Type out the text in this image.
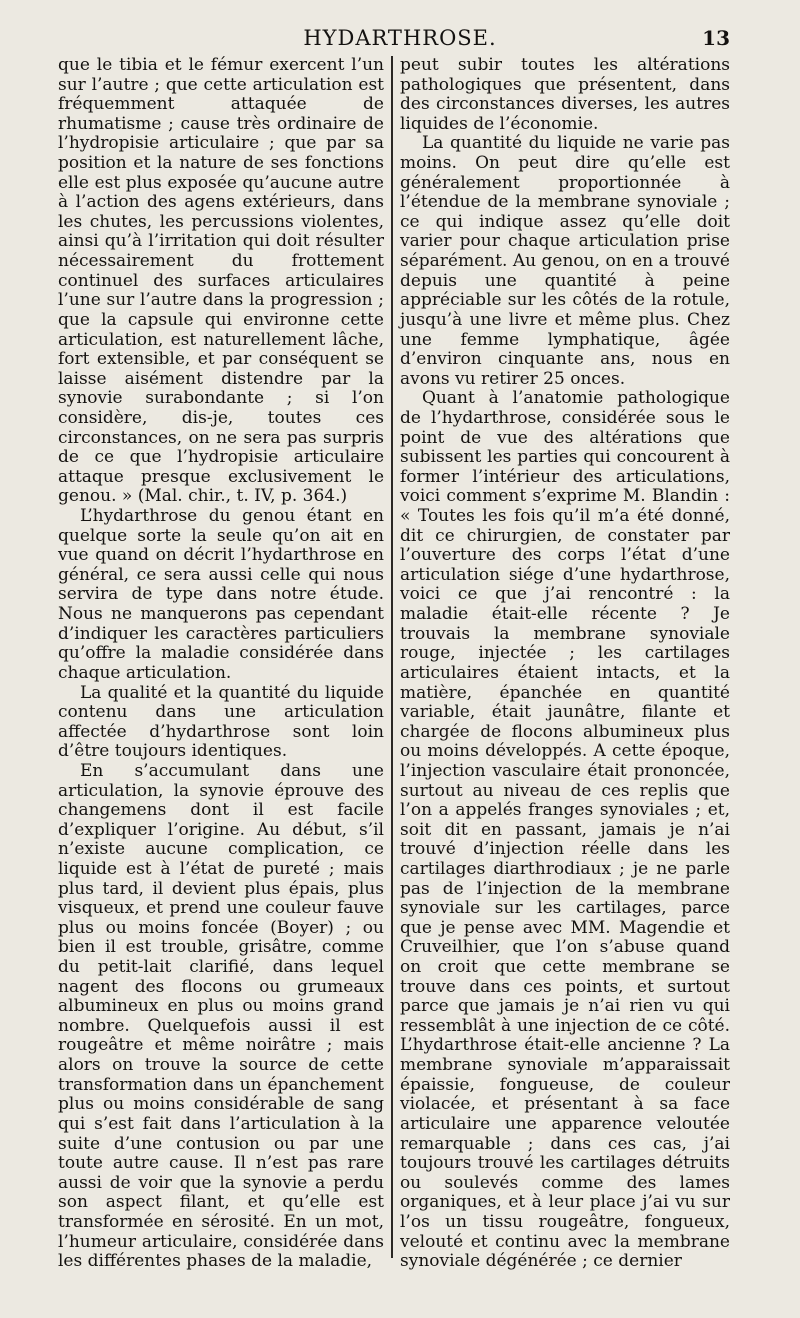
HYDARTHROSE.	13

que le tibia et le fémur exercent l’un sur l’autre ; que cette articulation est fréquemment attaquée de rhumatisme ; cause très ordinaire de l’hydropisie articulaire ; que par sa position et la nature de ses fonctions elle est plus exposée qu’aucune autre à l’action des agens extérieurs, dans les chutes, les percussions violentes, ainsi qu’à l’irritation qui doit résulter nécessairement du frottement continuel des surfaces articulaires l’une sur l’autre dans la progression ; que la capsule qui environne cette articulation, est naturellement lâche, fort extensible, et par conséquent se laisse aisément distendre par la synovie surabondante ; si l’on considère, dis-je, toutes ces circonstances, on ne sera pas surpris de ce que l’hydropisie articulaire attaque presque exclusivement le genou. » (Mal. chir., t. IV, p. 364.)

L’hydarthrose du genou étant en quelque sorte la seule qu’on ait en vue quand on décrit l’hydarthrose en général, ce sera aussi celle qui nous servira de type dans notre étude. Nous ne manquerons pas cependant d’indiquer les caractères particuliers qu’offre la maladie considérée dans chaque articulation.

La qualité et la quantité du liquide contenu dans une articulation affectée d’hydarthrose sont loin d’être toujours identiques.

En s’accumulant dans une articulation, la synovie éprouve des changemens dont il est facile d’expliquer l’origine. Au début, s’il n’existe aucune complication, ce liquide est à l’état de pureté ; mais plus tard, il devient plus épais, plus visqueux, et prend une couleur fauve plus ou moins foncée (Boyer) ; ou bien il est trouble, grisâtre, comme du petit-lait clarifié, dans lequel nagent des flocons ou grumeaux albumineux en plus ou moins grand nombre. Quelquefois aussi il est rougeâtre et même noirâtre ; mais alors on trouve la source de cette transformation dans un épanchement plus ou moins considérable de sang qui s’est fait dans l’articulation à la suite d’une contusion ou par une toute autre cause. Il n’est pas rare aussi de voir que la synovie a perdu son aspect filant, et qu’elle est transformée en sérosité. En un mot, l’humeur articulaire, considérée dans les différentes phases de la maladie,

peut subir toutes les altérations pathologiques que présentent, dans des circonstances diverses, les autres liquides de l’économie.

La quantité du liquide ne varie pas moins. On peut dire qu’elle est généralement proportionnée à l’étendue de la membrane synoviale ; ce qui indique assez qu’elle doit varier pour chaque articulation prise séparément. Au genou, on en a trouvé depuis une quantité à peine appréciable sur les côtés de la rotule, jusqu’à une livre et même plus. Chez une femme lymphatique, âgée d’environ cinquante ans, nous en avons vu retirer 25 onces.

Quant à l’anatomie pathologique de l’hydarthrose, considérée sous le point de vue des altérations que subissent les parties qui concourent à former l’intérieur des articulations, voici comment s’exprime M. Blandin : « Toutes les fois qu’il m’a été donné, dit ce chirurgien, de constater par l’ouverture des corps l’état d’une articulation siége d’une hydarthrose, voici ce que j’ai rencontré : la maladie était-elle récente ? Je trouvais la membrane synoviale rouge, injectée ; les cartilages articulaires étaient intacts, et la matière, épanchée en quantité variable, était jaunâtre, filante et chargée de flocons albumineux plus ou moins développés. A cette époque, l’injection vasculaire était prononcée, surtout au niveau de ces replis que l’on a appelés franges synoviales ; et, soit dit en passant, jamais je n’ai trouvé d’injection réelle dans les cartilages diarthrodiaux ; je ne parle pas de l’injection de la membrane synoviale sur les cartilages, parce que je pense avec MM. Magendie et Cruveilhier, que l’on s’abuse quand on croit que cette membrane se trouve dans ces points, et surtout parce que jamais je n’ai rien vu qui ressemblât à une injection de ce côté. L’hydarthrose était-elle ancienne ? La membrane synoviale m’apparaissait épaissie, fongueuse, de couleur violacée, et présentant à sa face articulaire une apparence veloutée remarquable ; dans ces cas, j’ai toujours trouvé les cartilages détruits ou soulevés comme des lames organiques, et à leur place j’ai vu sur l’os un tissu rougeâtre, fongueux, velouté et continu avec la membrane synoviale dégénérée ; ce dernier
